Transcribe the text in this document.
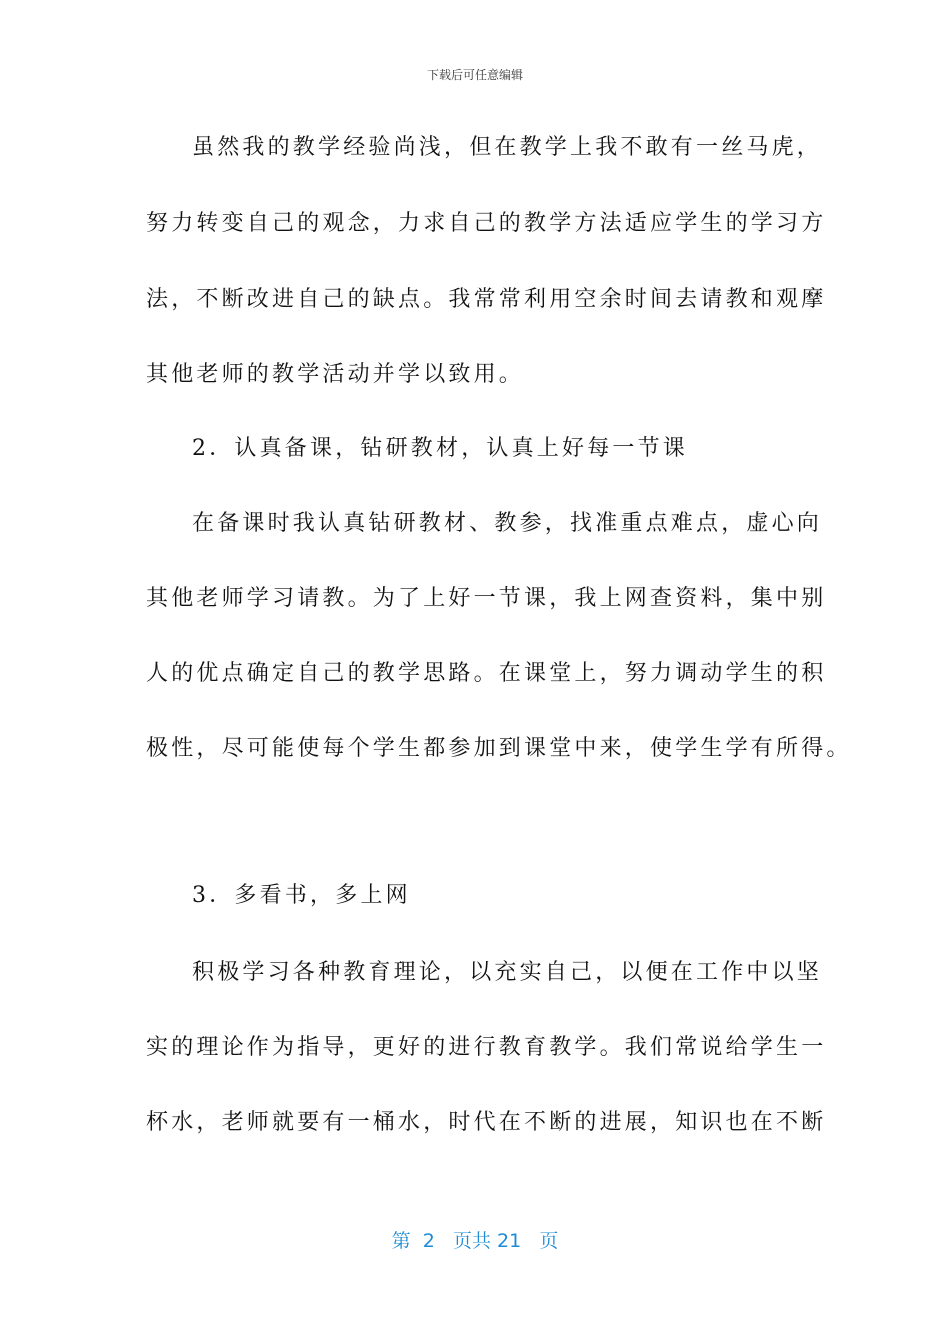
下载后可任意编辑
虽然我的教学经验尚浅，但在教学上我不敢有一丝马虎，
努力转变自己的观念，力求自己的教学方法适应学生的学习方
法，不断改进自己的缺点。我常常利用空余时间去请教和观摩
其他老师的教学活动并学以致用。
2．认真备课，钻研教材，认真上好每一节课
在备课时我认真钻研教材、教参，找准重点难点，虚心向
其他老师学习请教。为了上好一节课，我上网查资料，集中别
人的优点确定自己的教学思路。在课堂上，努力调动学生的积
极性，尽可能使每个学生都参加到课堂中来，使学生学有所得。
3．多看书，多上网
积极学习各种教育理论，以充实自己，以便在工作中以坚
实的理论作为指导，更好的进行教育教学。我们常说给学生一
杯水，老师就要有一桶水，时代在不断的进展，知识也在不断
第 2 页共 21 页
